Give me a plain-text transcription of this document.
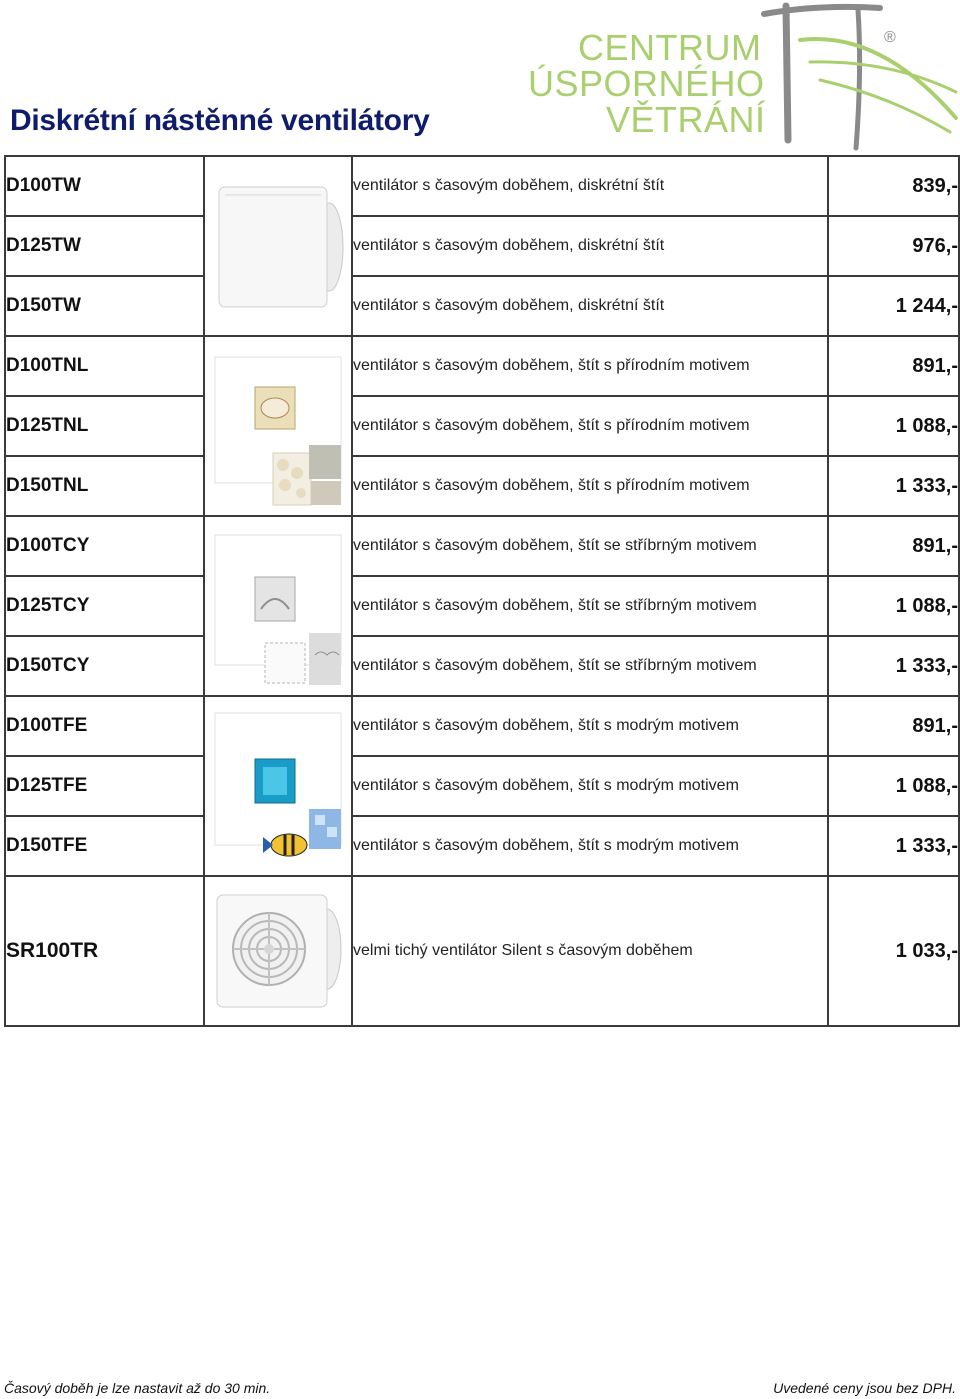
Diskrétní nástěnné ventilátory
CENTRUM
ÚSPORNÉHO
VĚTRÁNÍ
®
D100TW		ventilátor s časovým doběhem, diskrétní štít	839,-
D125TW		ventilátor s časovým doběhem, diskrétní štít	976,-
D150TW		ventilátor s časovým doběhem, diskrétní štít	1 244,-
D100TNL		ventilátor s časovým doběhem, štít s přírodním motivem	891,-
D125TNL		ventilátor s časovým doběhem, štít s přírodním motivem	1 088,-
D150TNL		ventilátor s časovým doběhem, štít s přírodním motivem	1 333,-
D100TCY		ventilátor s časovým doběhem, štít se stříbrným motivem	891,-
D125TCY		ventilátor s časovým doběhem, štít se stříbrným motivem	1 088,-
D150TCY		ventilátor s časovým doběhem, štít se stříbrným motivem	1 333,-
D100TFE		ventilátor s časovým doběhem, štít s modrým motivem	891,-
D125TFE		ventilátor s časovým doběhem, štít s modrým motivem	1 088,-
D150TFE		ventilátor s časovým doběhem, štít s modrým motivem	1 333,-
SR100TR		velmi tichý ventilátor Silent s časovým doběhem	1 033,-
Časový doběh je lze nastavit až do 30 min.	Uvedené ceny jsou bez DPH.
